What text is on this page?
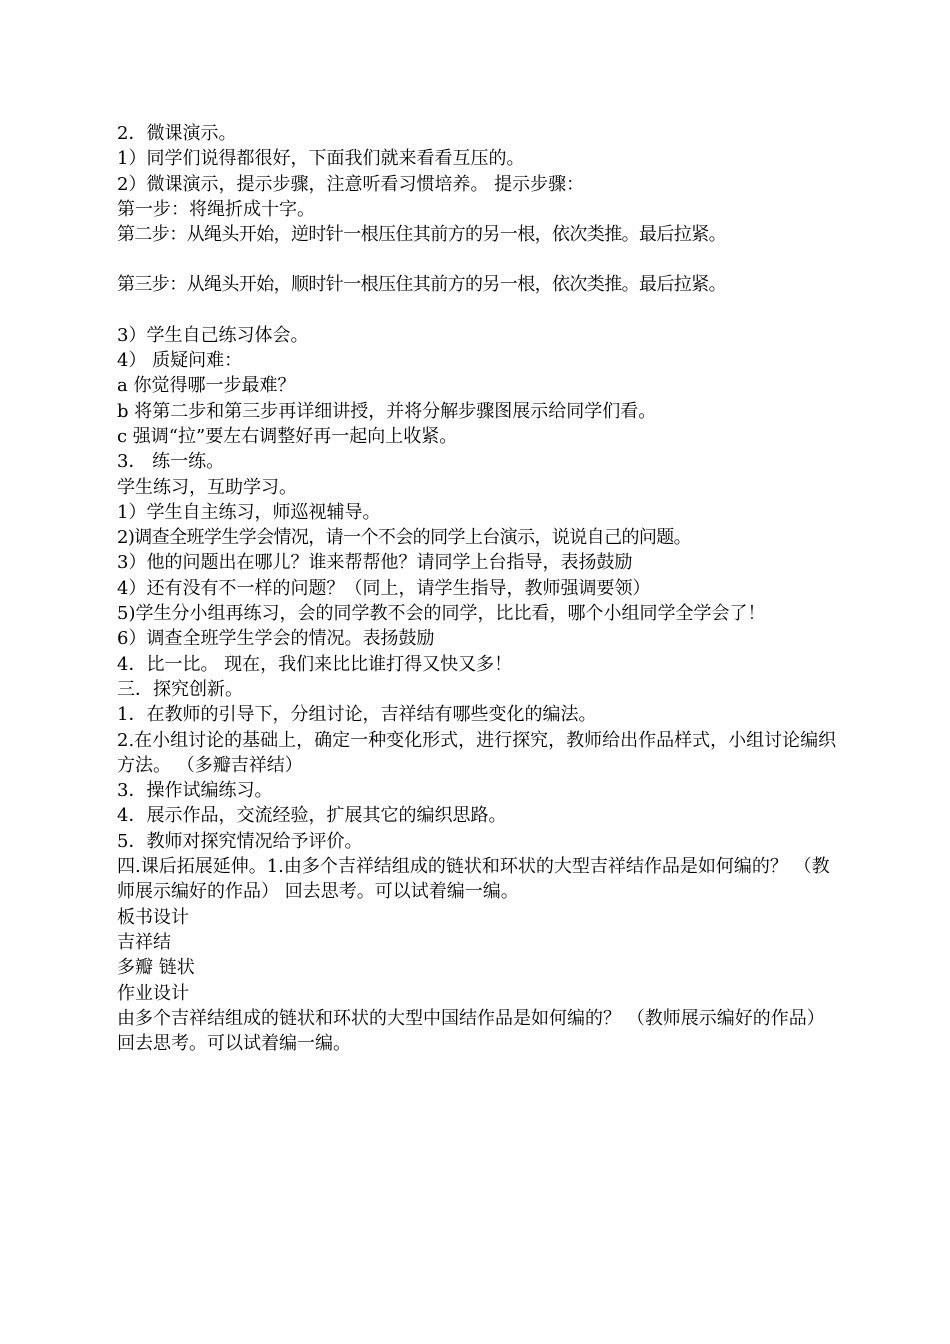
2．微课演示。

1）同学们说得都很好，下面我们就来看看互压的。

2）微课演示，提示步骤，注意听看习惯培养。 提示步骤：

第一步：将绳折成十字。

第二步：从绳头开始，逆时针一根压住其前方的另一根，依次类推。最后拉紧。

第三步：从绳头开始，顺时针一根压住其前方的另一根，依次类推。最后拉紧。

3）学生自己练习体会。

4） 质疑问难：

a 你觉得哪一步最难？

b 将第二步和第三步再详细讲授，并将分解步骤图展示给同学们看。

c 强调“拉”要左右调整好再一起向上收紧。

3． 练一练。

学生练习，互助学习。

1）学生自主练习，师巡视辅导。

2)调查全班学生学会情况，请一个不会的同学上台演示，说说自己的问题。

3）他的问题出在哪儿？谁来帮帮他？请同学上台指导，表扬鼓励

4）还有没有不一样的问题？（同上，请学生指导，教师强调要领）

5)学生分小组再练习，会的同学教不会的同学，比比看，哪个小组同学全学会了！

6）调查全班学生学会的情况。表扬鼓励

4．比一比。 现在，我们来比比谁打得又快又多！

三．探究创新。

1．在教师的引导下，分组讨论，吉祥结有哪些变化的编法。

2.在小组讨论的基础上，确定一种变化形式，进行探究，教师给出作品样式，小组讨论编织方法。 （多瓣吉祥结）

3．操作试编练习。

4．展示作品，交流经验，扩展其它的编织思路。

5．教师对探究情况给予评价。

四.课后拓展延伸。1.由多个吉祥结组成的链状和环状的大型吉祥结作品是如何编的？ （教师展示编好的作品） 回去思考。可以试着编一编。

板书设计

吉祥结

多瓣 链状

作业设计

由多个吉祥结组成的链状和环状的大型中国结作品是如何编的？ （教师展示编好的作品） 回去思考。可以试着编一编。
